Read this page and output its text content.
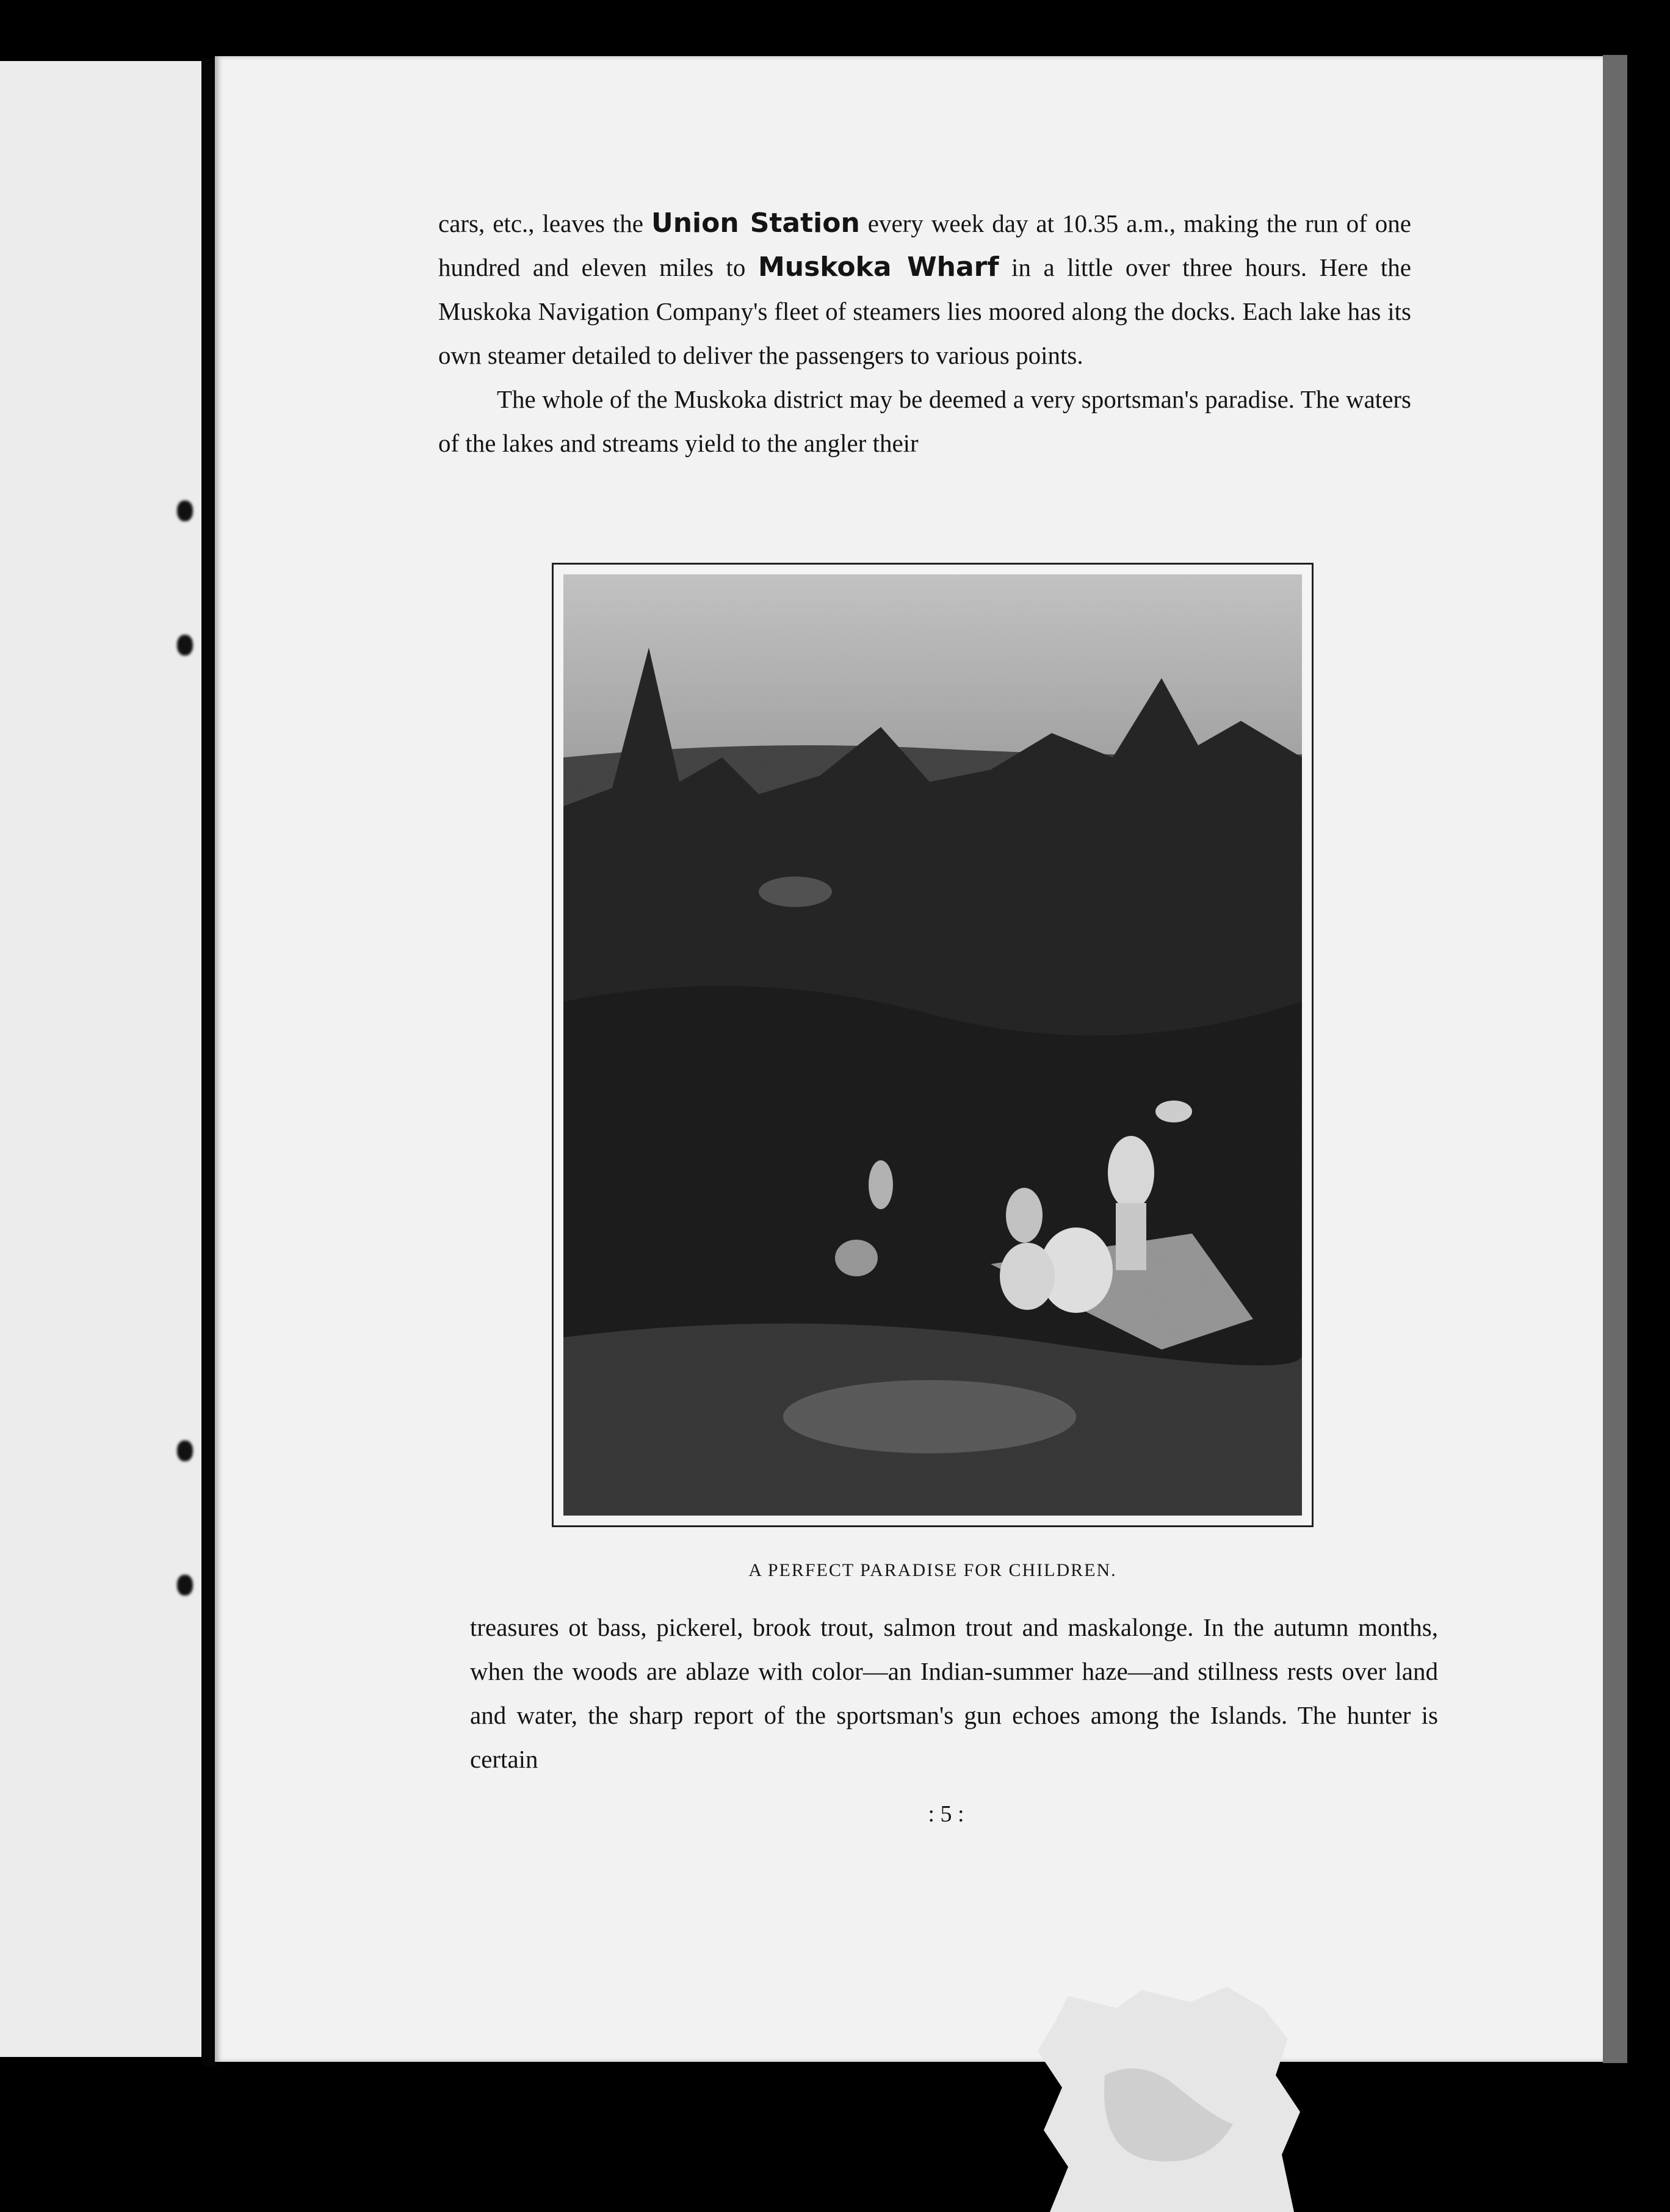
cars, etc., leaves the Union Station every week day at 10.35 a.m., making the run of one hundred and eleven miles to Muskoka Wharf in a little over three hours. Here the Muskoka Navigation Company's fleet of steamers lies moored along the docks. Each lake has its own steamer detailed to deliver the passengers to various points.

The whole of the Muskoka district may be deemed a very sportsman's paradise. The waters of the lakes and streams yield to the angler their

A PERFECT PARADISE FOR CHILDREN.

treasures ot bass, pickerel, brook trout, salmon trout and maskalonge. In the autumn months, when the woods are ablaze with color—an Indian-summer haze—and stillness rests over land and water, the sharp report of the sportsman's gun echoes among the Islands. The hunter is certain

: 5 :
